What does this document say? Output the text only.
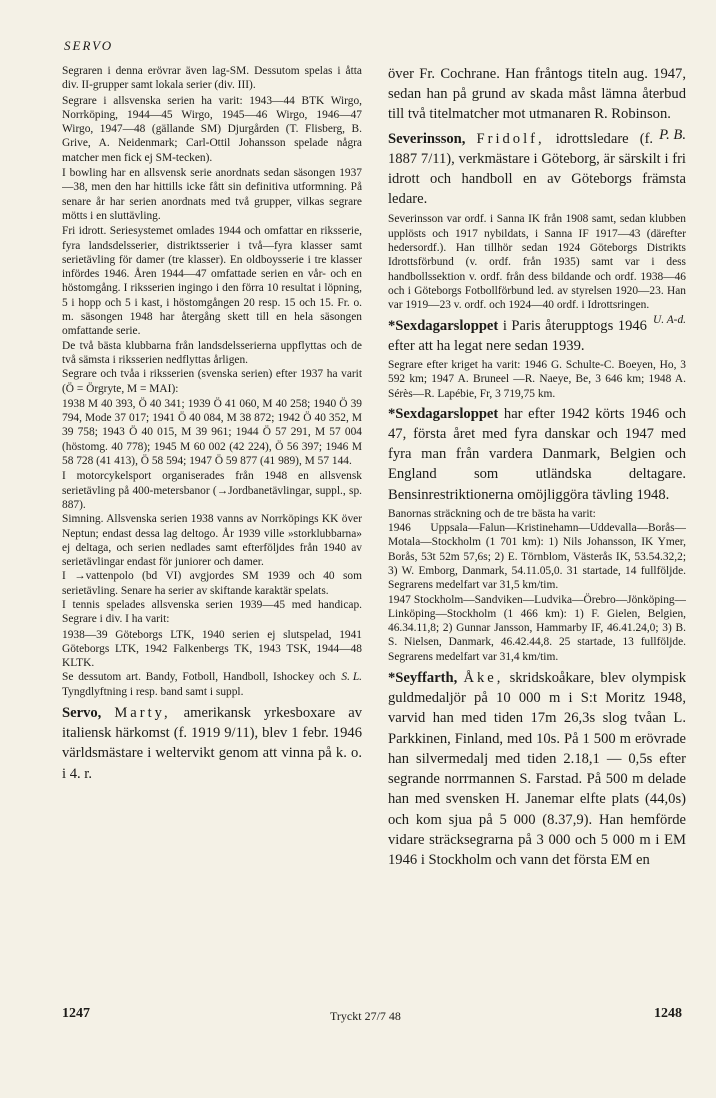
SERVO

Segraren i denna erövrar även lag-SM. Dessutom spelas i åtta div. II-grupper samt lokala serier (div. III).

Segrare i allsvenska serien ha varit: 1943—44 BTK Wirgo, Norrköping, 1944—45 Wirgo, 1945—46 Wirgo, 1946—47 Wirgo, 1947—48 (gällande SM) Djurgården (T. Flisberg, B. Grive, A. Neidenmark; Carl-Ottil Johansson spelade några matcher men fick ej SM-tecken).

I bowling har en allsvensk serie anordnats sedan säsongen 1937—38, men den har hittills icke fått sin definitiva utformning. På senare år har serien anordnats med två grupper, vilkas segrare mötts i en sluttävling.

Fri idrott. Seriesystemet omlades 1944 och omfattar en riksserie, fyra landsdelsserier, distriktsserier i två—fyra klasser samt serietävling för damer (tre klasser). En oldboysserie i tre klasser infördes 1946. Åren 1944—47 omfattade serien en vår- och en höstomgång. I riksserien ingingo i den förra 10 resultat i löpning, 5 i hopp och 5 i kast, i höstomgången 20 resp. 15 och 15. Fr. o. m. säsongen 1948 har återgång skett till en hela säsongen omfattande serie.

De två bästa klubbarna från landsdelsserierna uppflyttas och de två sämsta i riksserien nedflyttas årligen.

Segrare och tvåa i riksserien (svenska serien) efter 1937 ha varit (Ö = Örgryte, M = MAI):

1938 M 40 393, Ö 40 341; 1939 Ö 41 060, M 40 258; 1940 Ö 39 794, Mode 37 017; 1941 Ö 40 084, M 38 872; 1942 Ö 40 352, M 39 758; 1943 Ö 40 015, M 39 961; 1944 Ö 57 291, M 57 004 (höstomg. 40 778); 1945 M 60 002 (42 224), Ö 56 397; 1946 M 58 728 (41 413), Ö 58 594; 1947 Ö 59 877 (41 989), M 57 144.

I motorcykelsport organiserades från 1948 en allsvensk serietävling på 400-metersbanor (→Jordbanetävlingar, suppl., sp. 887).

Simning. Allsvenska serien 1938 vanns av Norrköpings KK över Neptun; endast dessa lag deltogo. År 1939 ville »storklubbarna» ej deltaga, och serien nedlades samt efterföljdes från 1940 av serietävlingar endast för juniorer och damer.

I →vattenpolo (bd VI) avgjordes SM 1939 och 40 som serietävling. Senare ha serier av skiftande karaktär spelats.

I tennis spelades allsvenska serien 1939—45 med handicap. Segrare i div. I ha varit:

1938—39 Göteborgs LTK, 1940 serien ej slutspelad, 1941 Göteborgs LTK, 1942 Falkenbergs TK, 1943 TSK, 1944—48 KLTK.

S. L.
Se dessutom art. Bandy, Fotboll, Handboll, Ishockey och Tyngdlyftning i resp. band samt i suppl.

Servo, Marty, amerikansk yrkesboxare av italiensk härkomst (f. 1919 9/11), blev 1 febr. 1946 världsmästare i weltervikt genom att vinna på k. o. i 4. r.

över Fr. Cochrane. Han fråntogs titeln aug. 1947, sedan han på grund av skada måst lämna återbud till två titelmatcher mot utmanaren R. Robinson.
P. B.

Severinsson, Fridolf, idrottsledare (f. 1887 7/11), verkmästare i Göteborg, är särskilt i fri idrott och handboll en av Göteborgs främsta ledare.

Severinsson var ordf. i Sanna IK från 1908 samt, sedan klubben upplösts och 1917 nybildats, i Sanna IF 1917—43 (därefter hedersordf.). Han tillhör sedan 1924 Göteborgs Distrikts Idrottsförbund (v. ordf. från 1935) samt var i dess handbollssektion v. ordf. från dess bildande och ordf. 1938—46 och i Göteborgs Fotbollförbund led. av styrelsen 1920—23. Han var 1919—23 v. ordf. och 1924—40 ordf. i Idrottsringen.
U. A-d.

*Sexdagarsloppet i Paris återupptogs 1946 efter att ha legat nere sedan 1939.

Segrare efter kriget ha varit: 1946 G. Schulte-C. Boeyen, Ho, 3 592 km; 1947 A. Bruneel —R. Naeye, Be, 3 646 km; 1948 A. Sérès—R. Lapébie, Fr, 3 719,75 km.

*Sexdagarsloppet har efter 1942 körts 1946 och 47, första året med fyra danskar och 1947 med fyra man från vardera Danmark, Belgien och England som utländska deltagare. Bensinrestriktionerna omöjliggöra tävling 1948.

Banornas sträckning och de tre bästa ha varit:

1946 Uppsala—Falun—Kristinehamn—Uddevalla—Borås—Motala—Stockholm (1 701 km): 1) Nils Johansson, IK Ymer, Borås, 53t 52m 57,6s; 2) E. Törnblom, Västerås IK, 53.54.32,2; 3) W. Emborg, Danmark, 54.11.05,0. 31 startade, 14 fullföljde. Segrarens medelfart var 31,5 km/tim.

1947 Stockholm—Sandviken—Ludvika—Örebro—Jönköping—Linköping—Stockholm (1 466 km): 1) F. Gielen, Belgien, 46.34.11,8; 2) Gunnar Jansson, Hammarby IF, 46.41.24,0; 3) B. S. Nielsen, Danmark, 46.42.44,8. 25 startade, 13 fullföljde. Segrarens medelfart var 31,4 km/tim.

*Seyffarth, Åke, skridskoåkare, blev olympisk guldmedaljör på 10 000 m i S:t Moritz 1948, varvid han med tiden 17m 26,3s slog tvåan L. Parkkinen, Finland, med 10s. På 1 500 m erövrade han silvermedalj med tiden 2.18,1 — 0,5s efter segrande norrmannen S. Farstad. På 500 m delade han med svensken H. Janemar elfte plats (44,0s) och kom sjua på 5 000 (8.37,9). Han hemförde vidare sträcksegrarna på 3 000 och 5 000 m i EM 1946 i Stockholm och vann det första EM en

1247	Tryckt 27/7 48	1248
